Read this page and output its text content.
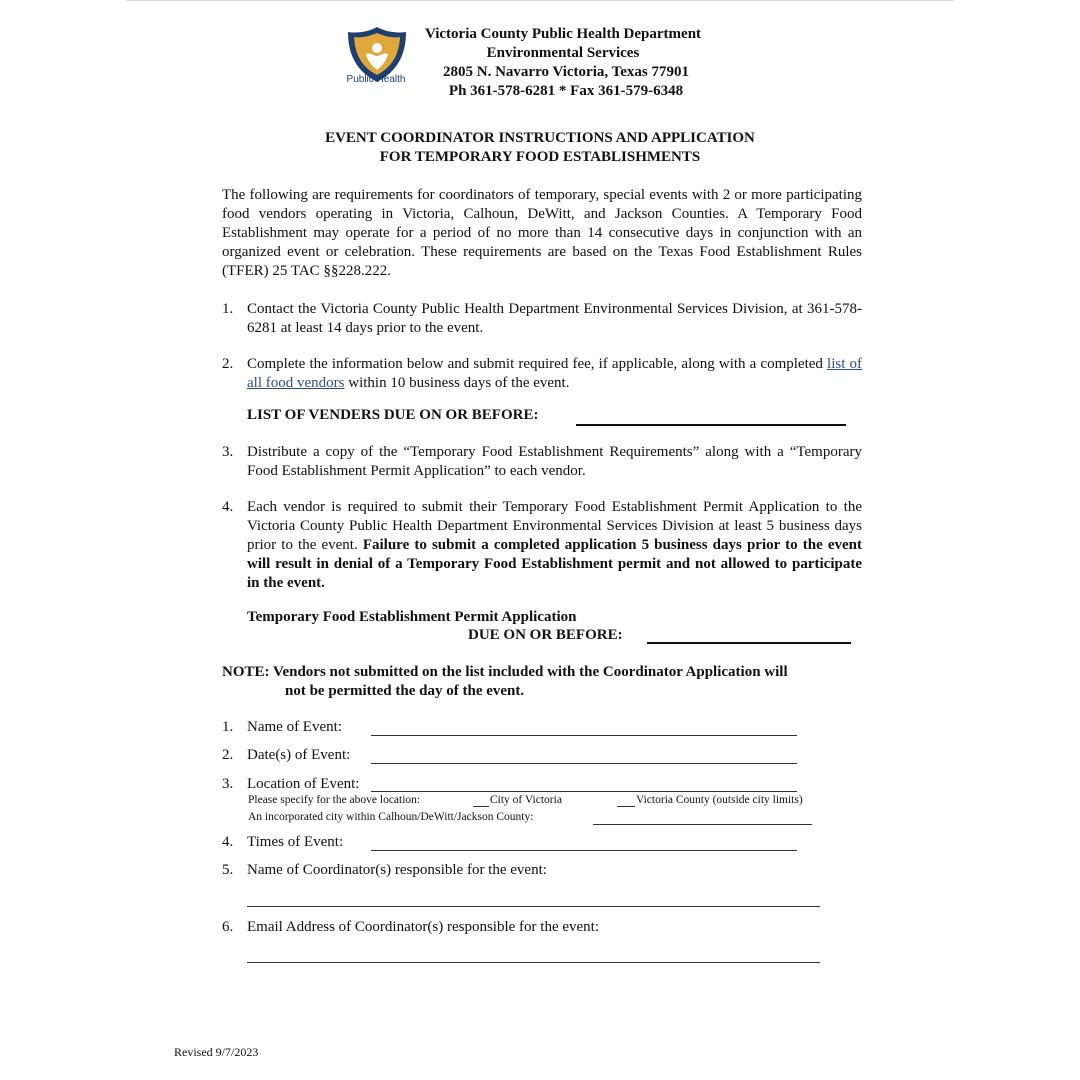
Public Health
Victoria County Public Health Department
Environmental Services
2805 N. Navarro Victoria, Texas 77901
Ph 361-578-6281 * Fax 361-579-6348
EVENT COORDINATOR INSTRUCTIONS AND APPLICATION
FOR TEMPORARY FOOD ESTABLISHMENTS
The following are requirements for coordinators of temporary, special events with 2 or more participating food vendors operating in Victoria, Calhoun, DeWitt, and Jackson Counties. A Temporary Food Establishment may operate for a period of no more than 14 consecutive days in conjunction with an organized event or celebration. These requirements are based on the Texas Food Establishment Rules (TFER) 25 TAC §§228.222.
1. Contact the Victoria County Public Health Department Environmental Services Division, at 361-578-6281 at least 14 days prior to the event.
2. Complete the information below and submit required fee, if applicable, along with a completed list of all food vendors within 10 business days of the event.
LIST OF VENDERS DUE ON OR BEFORE:
3. Distribute a copy of the “Temporary Food Establishment Requirements” along with a “Temporary Food Establishment Permit Application” to each vendor.
4. Each vendor is required to submit their Temporary Food Establishment Permit Application to the Victoria County Public Health Department Environmental Services Division at least 5 business days prior to the event. Failure to submit a completed application 5 business days prior to the event will result in denial of a Temporary Food Establishment permit and not allowed to participate in the event.
Temporary Food Establishment Permit Application
DUE ON OR BEFORE:
NOTE: Vendors not submitted on the list included with the Coordinator Application will
not be permitted the day of the event.
1. Name of Event:
2. Date(s) of Event:
3. Location of Event:
Please specify for the above location:	City of Victoria	Victoria County (outside city limits)
An incorporated city within Calhoun/DeWitt/Jackson County:
4. Times of Event:
5. Name of Coordinator(s) responsible for the event:
6. Email Address of Coordinator(s) responsible for the event:
Revised 9/7/2023
